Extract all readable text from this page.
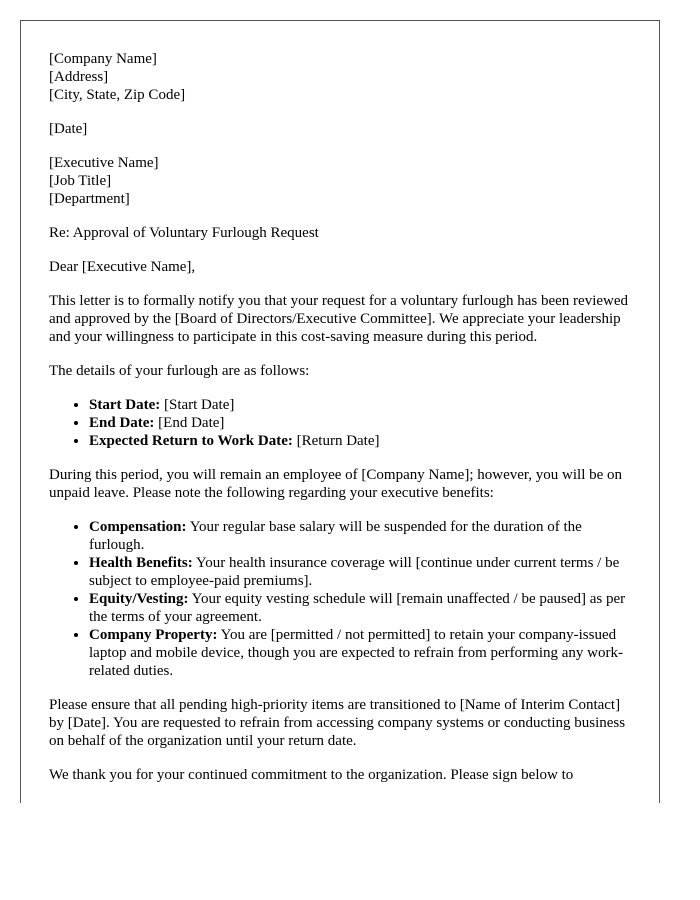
[Company Name]
[Address]
[City, State, Zip Code]
[Date]
[Executive Name]
[Job Title]
[Department]

Re: Approval of Voluntary Furlough Request

Dear [Executive Name],

This letter is to formally notify you that your request for a voluntary furlough has been reviewed and approved by the [Board of Directors/Executive Committee]. We appreciate your leadership and your willingness to participate in this cost-saving measure during this period.

The details of your furlough are as follows:

• Start Date: [Start Date]
• End Date: [End Date]
• Expected Return to Work Date: [Return Date]

During this period, you will remain an employee of [Company Name]; however, you will be on unpaid leave. Please note the following regarding your executive benefits:

• Compensation: Your regular base salary will be suspended for the duration of the furlough.
• Health Benefits: Your health insurance coverage will [continue under current terms / be subject to employee-paid premiums].
• Equity/Vesting: Your equity vesting schedule will [remain unaffected / be paused] as per the terms of your agreement.
• Company Property: You are [permitted / not permitted] to retain your company-issued laptop and mobile device, though you are expected to refrain from performing any work-related duties.

Please ensure that all pending high-priority items are transitioned to [Name of Interim Contact] by [Date]. You are requested to refrain from accessing company systems or conducting business on behalf of the organization until your return date.

We thank you for your continued commitment to the organization. Please sign below to
